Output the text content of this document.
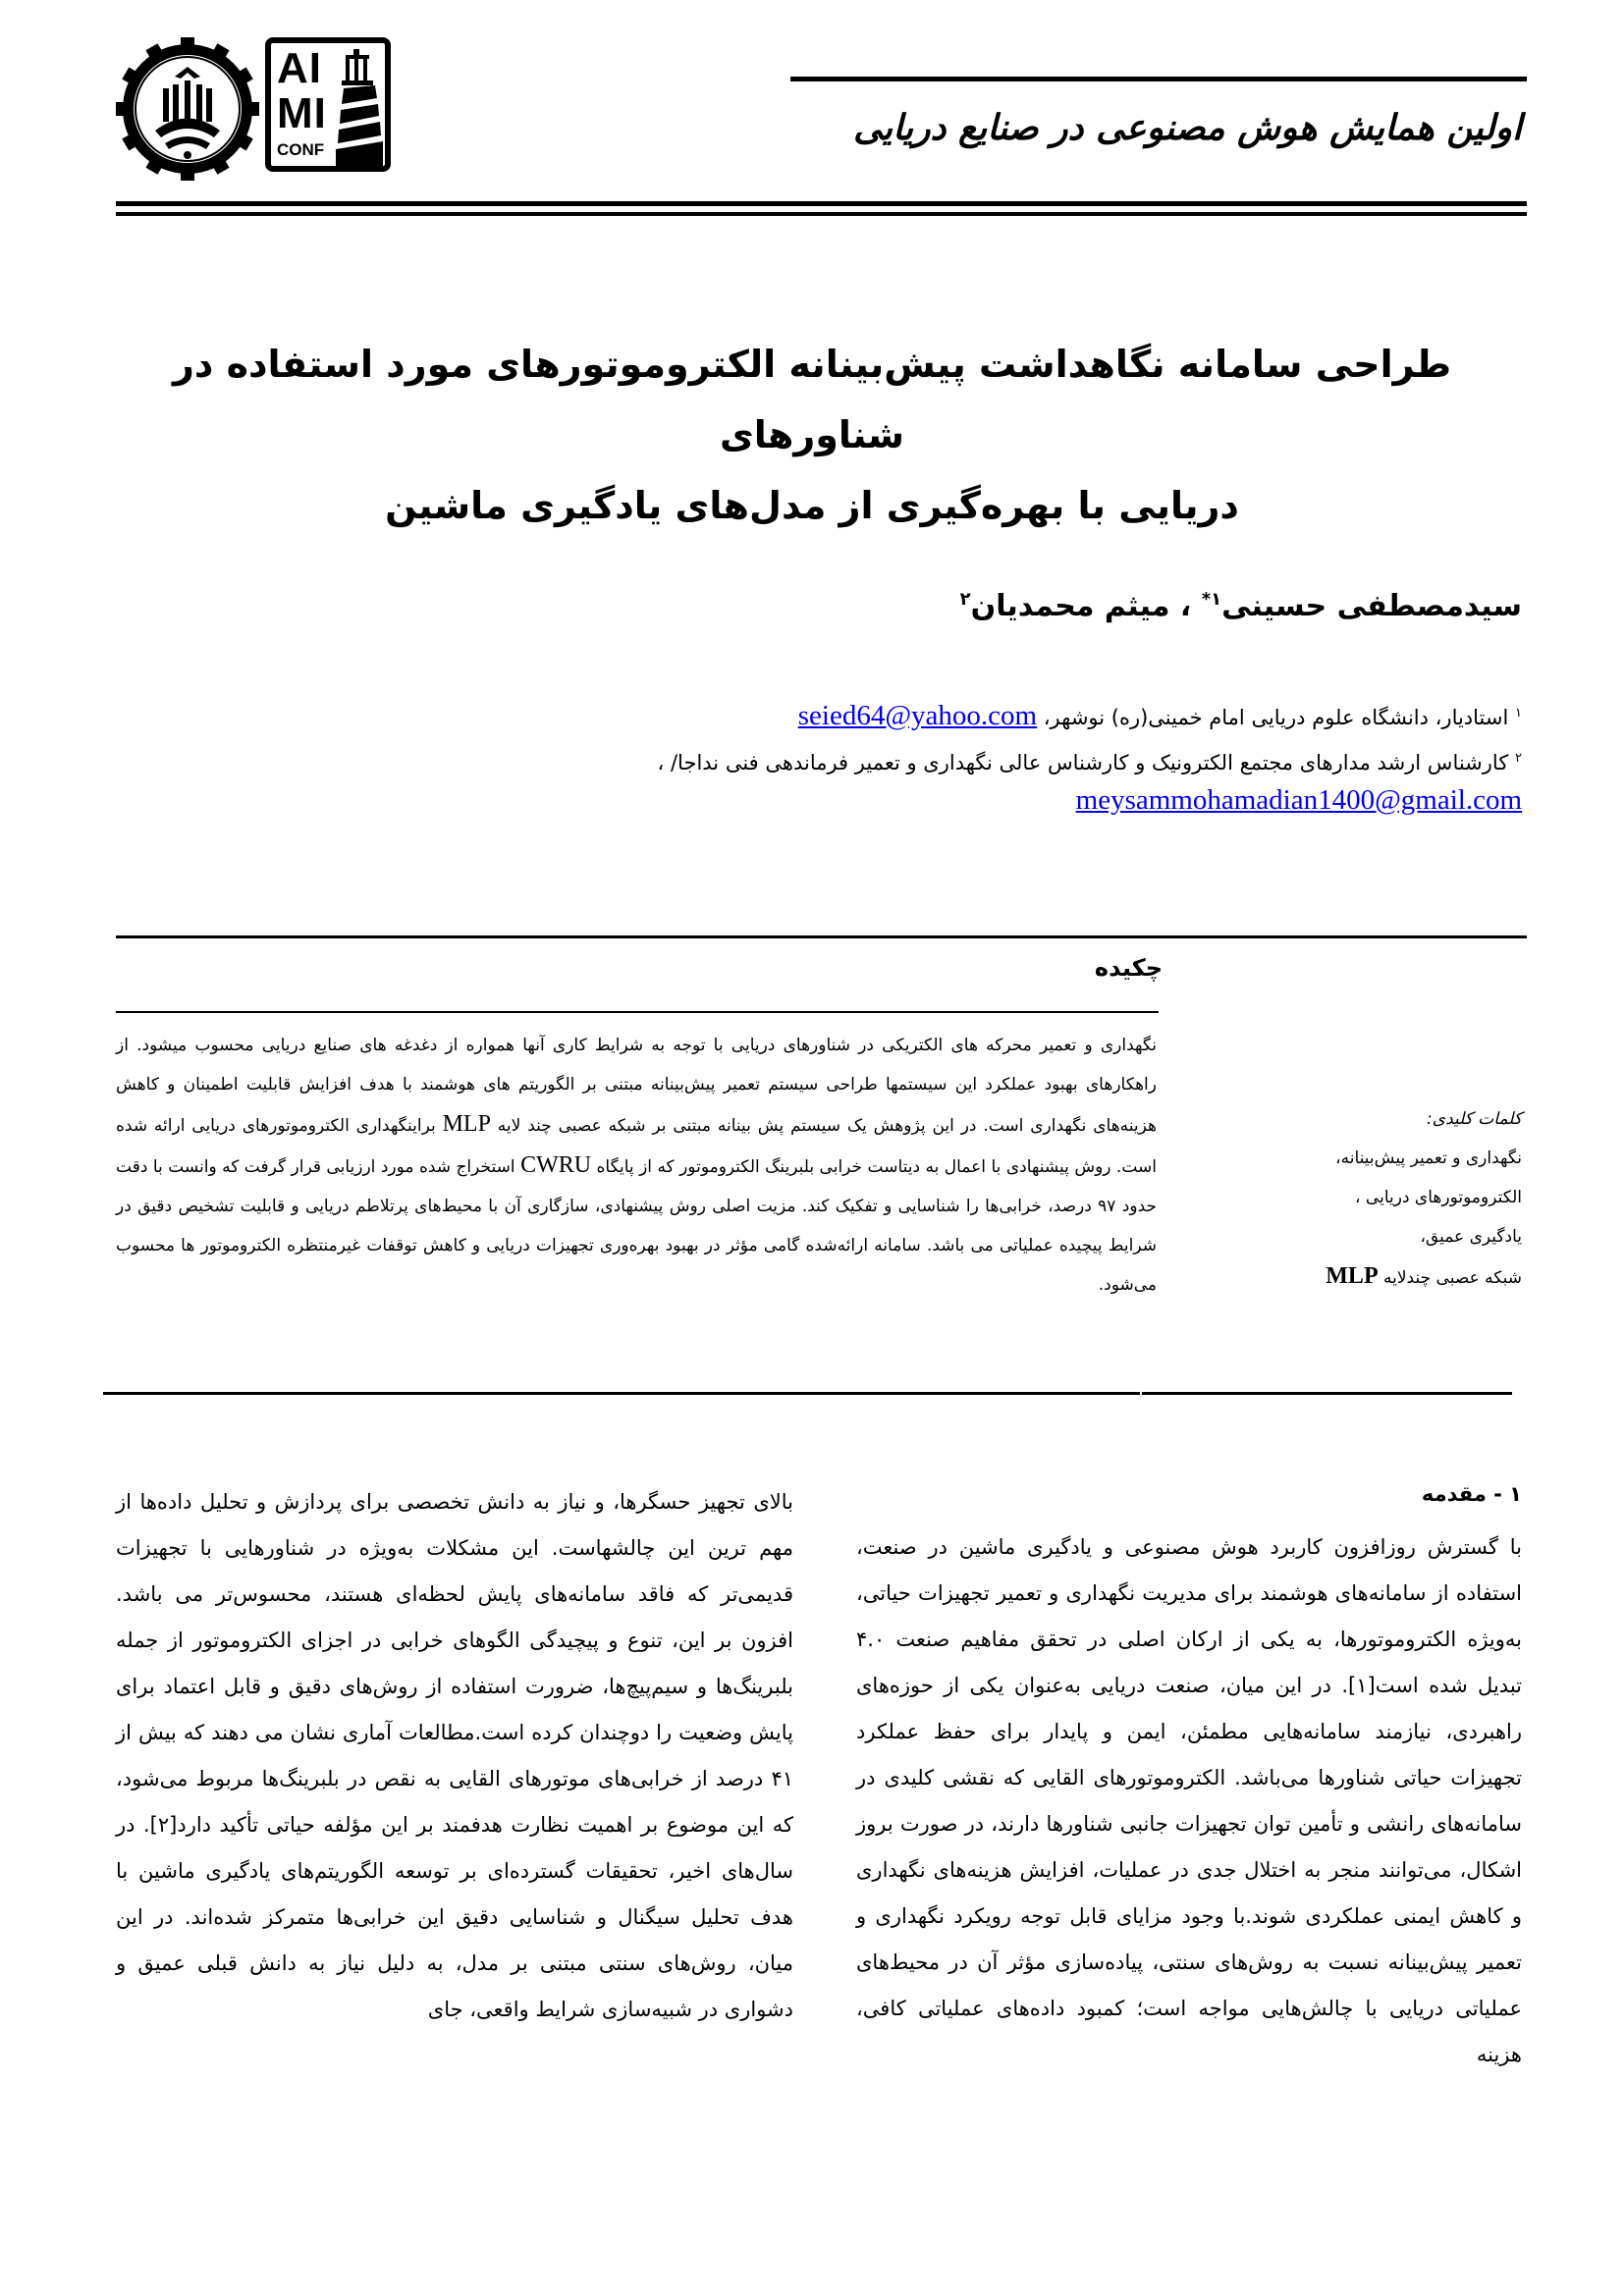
AI
MI
CONF
اولین همایش هوش مصنوعی در صنایع دریایی
طراحی سامانه نگاهداشت پیش‌بینانه الکتروموتورهای مورد استفاده در شناورهای
دریایی با بهره‌گیری از مدل‌های یادگیری ماشین
سیدمصطفی حسینی$^{۱*}$ ، میثم محمدیان$^۲$
$^۱$ استادیار، دانشگاه علوم دریایی امام خمینی(ره) نوشهر، seied64@yahoo.com
$^۲$ کارشناس ارشد مدارهای مجتمع الکترونیک و کارشناس عالی نگهداری و تعمیر فرماندهی فنی نداجا/ ،
meysammohamadian1400@gmail.com
چکیده
نگهداری و تعمیر محرکه های الکتریکی در شناورهای دریایی با توجه به شرایط کاری آنها همواره از دغدغه های صنایع دریایی محسوب میشود. از راهکارهای بهبود عملکرد این سیستمها طراحی سیستم تعمیر پیش‌بینانه مبتنی بر الگوریتم های هوشمند با هدف افزایش قابلیت اطمینان و کاهش هزینه‌های نگهداری است. در این پژوهش یک سیستم پش بینانه مبتنی بر شبکه عصبی چند لایه MLP براینگهداری الکتروموتورهای دریایی ارائه شده است. روش پیشنهادی با اعمال به دیتاست خرابی بلبرینگ الکتروموتور که از پایگاه CWRU استخراج شده مورد ارزیابی قرار گرفت که وانست با دقت حدود ۹۷ درصد، خرابی‌ها را شناسایی و تفکیک کند. مزیت اصلی روش پیشنهادی، سازگاری آن با محیط‌های پرتلاطم دریایی و قابلیت تشخیص دقیق در شرایط پیچیده عملیاتی می باشد. سامانه ارائه‌شده گامی مؤثر در بهبود بهره‌وری تجهیزات دریایی و کاهش توقفات غیرمنتظره الکتروموتور ها محسوب می‌شود.
کلمات کلیدی:
نگهداری و تعمیر پیش‌بینانه،
الکتروموتورهای دریایی ،
یادگیری عمیق،
شبکه عصبی چندلایه MLP
۱ - مقدمه

با گسترش روزافزون کاربرد هوش مصنوعی و یادگیری ماشین در صنعت، استفاده از سامانه‌های هوشمند برای مدیریت نگهداری و تعمیر تجهیزات حیاتی، به‌ویژه الکتروموتورها، به یکی از ارکان اصلی در تحقق مفاهیم صنعت ۴.۰ تبدیل شده است[۱]. در این میان، صنعت دریایی به‌عنوان یکی از حوزه‌های راهبردی، نیازمند سامانه‌هایی مطمئن، ایمن و پایدار برای حفظ عملکرد تجهیزات حیاتی شناورها می‌باشد. الکتروموتورهای القایی که نقشی کلیدی در سامانه‌های رانشی و تأمین توان تجهیزات جانبی شناورها دارند، در صورت بروز اشکال، می‌توانند منجر به اختلال جدی در عملیات، افزایش هزینه‌های نگهداری و کاهش ایمنی عملکردی شوند.با وجود مزایای قابل توجه رویکرد نگهداری و تعمیر پیش‌بینانه نسبت به روش‌های سنتی، پیاده‌سازی مؤثر آن در محیط‌های عملیاتی دریایی با چالش‌هایی مواجه است؛ کمبود داده‌های عملیاتی کافی، هزینه

بالای تجهیز حسگرها، و نیاز به دانش تخصصی برای پردازش و تحلیل داده‌ها از مهم ترین این چالشهاست. این مشکلات به‌ویژه در شناورهایی با تجهیزات قدیمی‌تر که فاقد سامانه‌های پایش لحظه‌ای هستند، محسوس‌تر می باشد. افزون بر این، تنوع و پیچیدگی الگوهای خرابی در اجزای الکتروموتور از جمله بلبرینگ‌ها و سیم‌پیچ‌ها، ضرورت استفاده از روش‌های دقیق و قابل اعتماد برای پایش وضعیت را دوچندان کرده است.مطالعات آماری نشان می دهند که بیش از ۴۱ درصد از خرابی‌های موتورهای القایی به نقص در بلبرینگ‌ها مربوط می‌شود، که این موضوع بر اهمیت نظارت هدفمند بر این مؤلفه حیاتی تأکید دارد[۲]. در سال‌های اخیر، تحقیقات گسترده‌ای بر توسعه الگوریتم‌های یادگیری ماشین با هدف تحلیل سیگنال و شناسایی دقیق این خرابی‌ها متمرکز شده‌اند. در این میان، روش‌های سنتی مبتنی بر مدل، به دلیل نیاز به دانش قبلی عمیق و دشواری در شبیه‌سازی شرایط واقعی، جای
